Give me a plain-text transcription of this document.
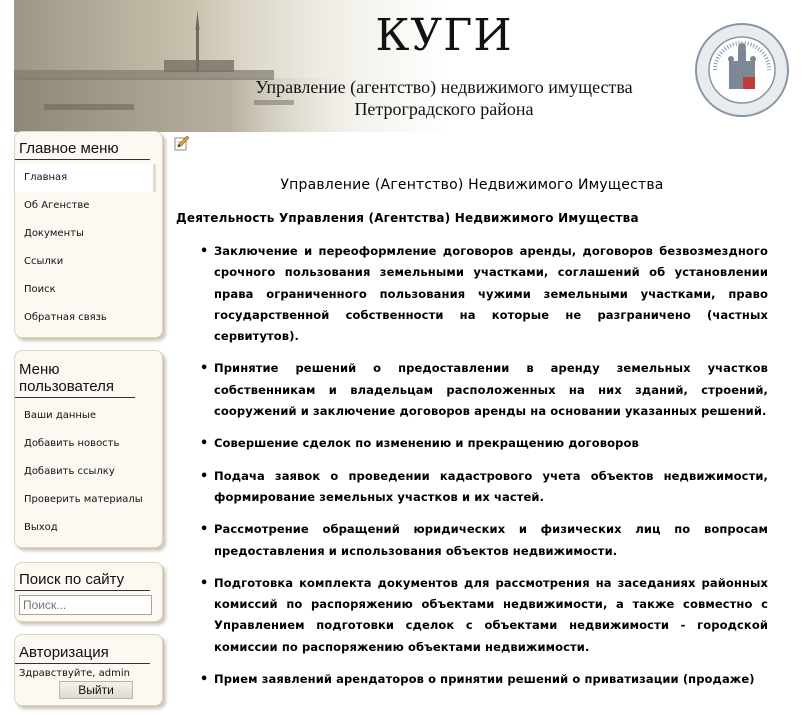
КУГИ
Управление (агентство) недвижимого имущества
Петроградского района
Главное меню
Главная
Об Агенстве
Документы
Ссылки
Поиск
Обратная связь
Меню пользователя
Ваши данные
Добавить новость
Добавить ссылку
Проверить материалы
Выход
Поиск по сайту
Поиск...
Авторизация
Здравствуйте, admin
Выйти
Управление (Агентство) Недвижимого Имущества
Деятельность Управления (Агентства) Недвижимого Имущества
• Заключение и переоформление договоров аренды, договоров безвозмездного срочного пользования земельными участками, соглашений об установлении права ограниченного пользования чужими земельными участками, право государственной собственности на которые не разграничено (частных сервитутов).
• Принятие решений о предоставлении в аренду земельных участков собственникам и владельцам расположенных на них зданий, строений, сооружений и заключение договоров аренды на основании указанных решений.
• Совершение сделок по изменению и прекращению договоров
• Подача заявок о проведении кадастрового учета объектов недвижимости, формирование земельных участков и их частей.
• Рассмотрение обращений юридических и физических лиц по вопросам предоставления и использования объектов недвижимости.
• Подготовка комплекта документов для рассмотрения на заседаниях районных комиссий по распоряжению объектами недвижимости, а также совместно с Управлением подготовки сделок с объектами недвижимости - городской комиссии по распоряжению объектами недвижимости.
• Прием заявлений арендаторов о принятии решений о приватизации (продаже)
